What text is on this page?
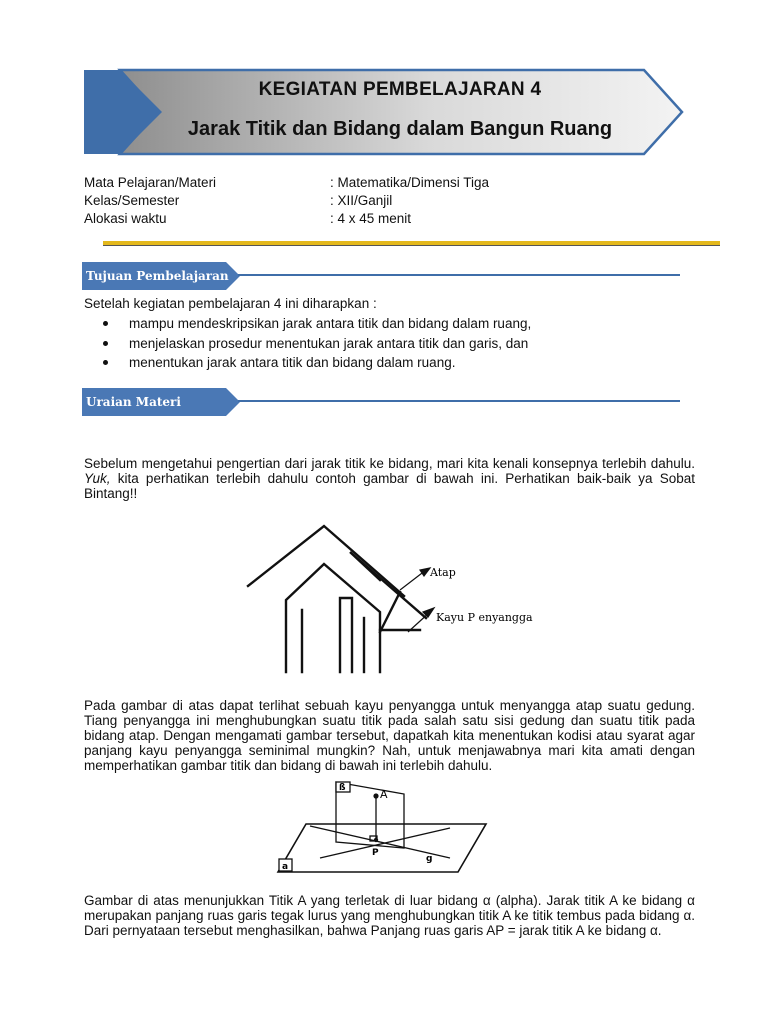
KEGIATAN PEMBELAJARAN 4
Jarak Titik dan Bidang dalam Bangun Ruang
Mata Pelajaran/Materi	: Matematika/Dimensi Tiga
Kelas/Semester	: XII/Ganjil
Alokasi waktu	: 4 x 45 menit
Tujuan Pembelajaran
Setelah kegiatan pembelajaran 4 ini diharapkan :
mampu mendeskripsikan jarak antara titik dan bidang dalam ruang,
menjelaskan prosedur menentukan jarak antara titik dan garis, dan
menentukan jarak antara titik dan bidang dalam ruang.
Uraian Materi
Sebelum mengetahui pengertian dari jarak titik ke bidang, mari kita kenali konsepnya terlebih dahulu. Yuk, kita perhatikan terlebih dahulu contoh gambar di bawah ini. Perhatikan baik-baik ya Sobat Bintang!!
Atap
Kayu P enyangga
Pada gambar di atas dapat terlihat sebuah kayu penyangga untuk menyangga atap suatu gedung. Tiang penyangga ini menghubungkan suatu titik pada salah satu sisi gedung dan suatu titik pada bidang atap. Dengan mengamati gambar tersebut, dapatkah kita menentukan kodisi atau syarat agar panjang kayu penyangga seminimal mungkin? Nah, untuk menjawabnya mari kita amati dengan memperhatikan gambar titik dan bidang di bawah ini terlebih dahulu.
ß	A
P
g
a
Gambar di atas menunjukkan Titik A yang terletak di luar bidang α (alpha). Jarak titik A ke bidang α merupakan panjang ruas garis tegak lurus yang menghubungkan titik A ke titik tembus pada bidang α. Dari pernyataan tersebut menghasilkan, bahwa Panjang ruas garis AP = jarak titik A ke bidang α.
